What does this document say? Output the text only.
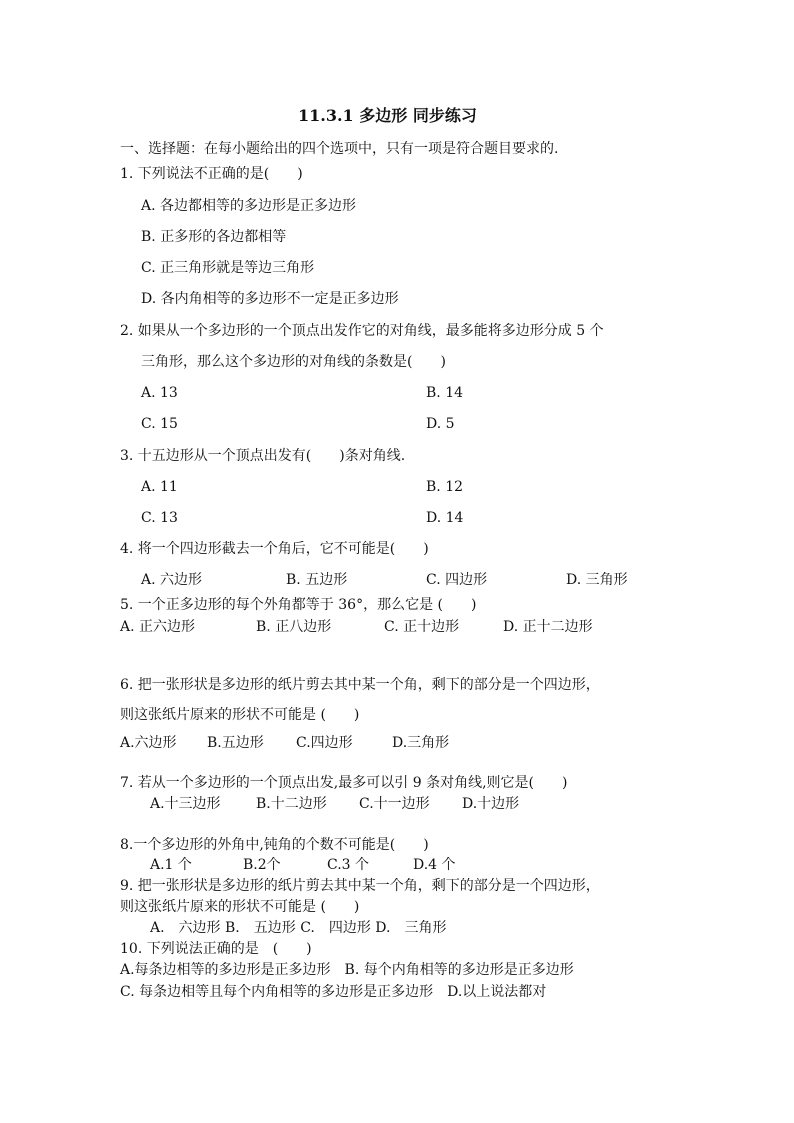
11.3.1 多边形 同步练习
一、选择题：在每小题给出的四个选项中，只有一项是符合题目要求的.
1. 下列说法不正确的是(　　)
A. 各边都相等的多边形是正多边形
B. 正多形的各边都相等
C. 正三角形就是等边三角形
D. 各内角相等的多边形不一定是正多边形
2. 如果从一个多边形的一个顶点出发作它的对角线，最多能将多边形分成 5 个
三角形，那么这个多边形的对角线的条数是(　　)
A. 13	B. 14
C. 15	D. 5
3. 十五边形从一个顶点出发有(　　)条对角线.
A. 11	B. 12
C. 13	D. 14
4. 将一个四边形截去一个角后，它不可能是(　　)
A. 六边形	B. 五边形	C. 四边形	D. 三角形
5. 一个正多边形的每个外角都等于 36°，那么它是 (　　)
A. 正六边形	B. 正八边形	C. 正十边形	D. 正十二边形
6. 把一张形状是多边形的纸片剪去其中某一个角，剩下的部分是一个四边形，
则这张纸片原来的形状不可能是 (　　)
A.六边形 B.五边形 C.四边形	D.三角形
7. 若从一个多边形的一个顶点出发,最多可以引 9 条对角线,则它是(　　)
A.十三边形	B.十二边形 C.十一边形 D.十边形
8.一个多边形的外角中,钝角的个数不可能是(　　)
A.1 个	B.2个	C.3 个	D.4 个
9. 把一张形状是多边形的纸片剪去其中某一个角，剩下的部分是一个四边形，
则这张纸片原来的形状不可能是 (　　)
A.　六边形 B.　五边形 C.　四边形 D.　三角形
10. 下列说法正确的是　(　　)
A.每条边相等的多边形是正多边形　B. 每个内角相等的多边形是正多边形
C. 每条边相等且每个内角相等的多边形是正多边形　D.以上说法都对
